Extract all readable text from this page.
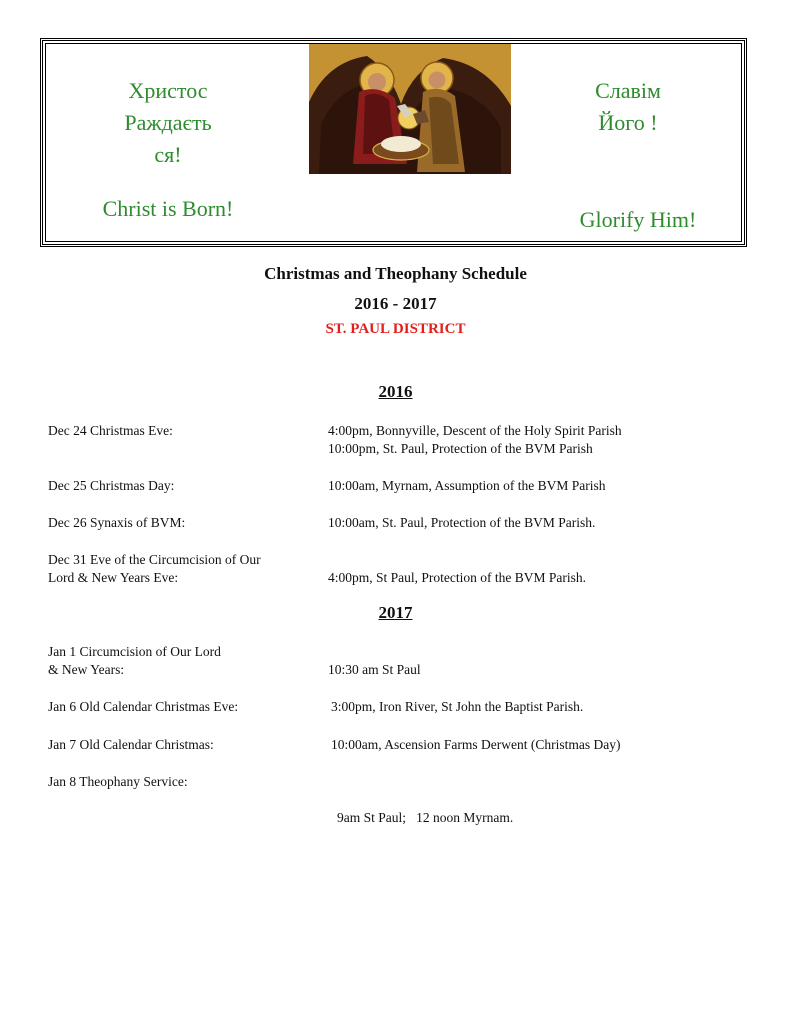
Христос
Раждаєть
ся!
Christ is Born!
Славім
Його !
Glorify Him!
Christmas and Theophany Schedule
2016 - 2017
ST. PAUL DISTRICT
2016
Dec 24 Christmas Eve:	4:00pm, Bonnyville, Descent of the Holy Spirit Parish
10:00pm, St. Paul, Protection of the BVM Parish
Dec 25 Christmas Day:	10:00am, Myrnam, Assumption of the BVM Parish
Dec 26 Synaxis of BVM:	10:00am, St. Paul, Protection of the BVM Parish.
Dec 31 Eve of the Circumcision of Our
Lord & New Years Eve:	4:00pm, St Paul, Protection of the BVM Parish.
2017
Jan 1 Circumcision of Our Lord
& New Years:	10:30 am St Paul
Jan 6 Old Calendar Christmas Eve:	3:00pm, Iron River, St John the Baptist Parish.
Jan 7 Old Calendar Christmas:	10:00am, Ascension Farms Derwent (Christmas Day)
Jan 8 Theophany Service:

9am St Paul;   12 noon Myrnam.
